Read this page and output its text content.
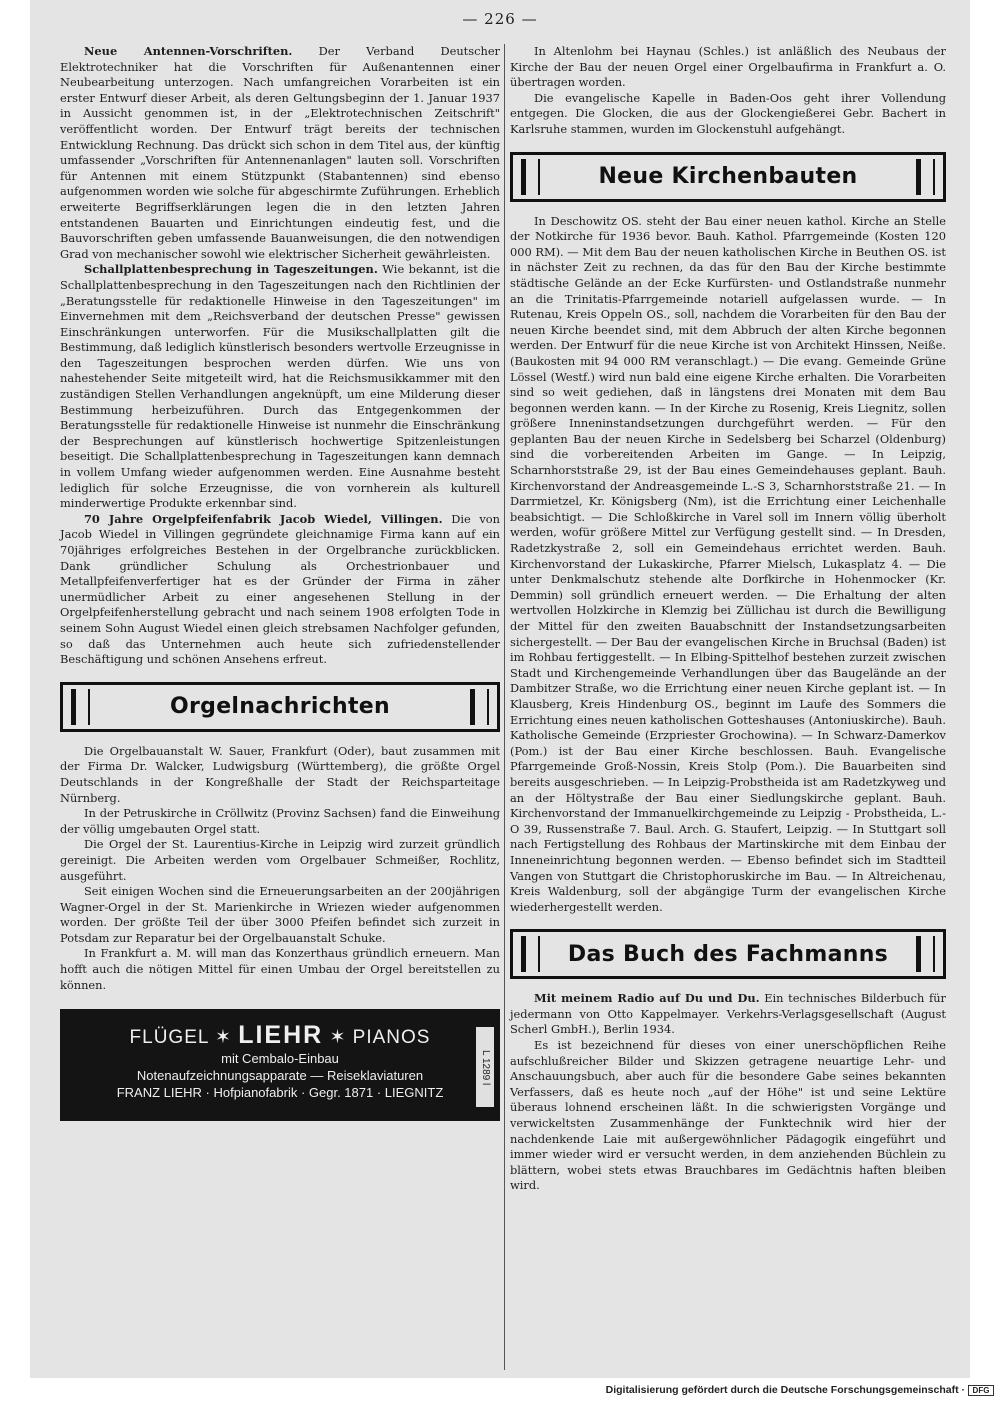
— 226 —

Neue Antennen-Vorschriften. Der Verband Deutscher Elektrotechniker hat die Vorschriften für Außenantennen einer Neubearbeitung unterzogen. Nach umfangreichen Vorarbeiten ist ein erster Entwurf dieser Arbeit, als deren Geltungsbeginn der 1. Januar 1937 in Aussicht genommen ist, in der „Elektrotechnischen Zeitschrift" veröffentlicht worden. Der Entwurf trägt bereits der technischen Entwicklung Rechnung. Das drückt sich schon in dem Titel aus, der künftig umfassender „Vorschriften für Antennenanlagen" lauten soll. Vorschriften für Antennen mit einem Stützpunkt (Stabantennen) sind ebenso aufgenommen worden wie solche für abgeschirmte Zuführungen. Erheblich erweiterte Begriffserklärungen legen die in den letzten Jahren entstandenen Bauarten und Einrichtungen eindeutig fest, und die Bauvorschriften geben umfassende Bauanweisungen, die den notwendigen Grad von mechanischer sowohl wie elektrischer Sicherheit gewährleisten.

Schallplattenbesprechung in Tageszeitungen. Wie bekannt, ist die Schallplattenbesprechung in den Tageszeitungen nach den Richtlinien der „Beratungsstelle für redaktionelle Hinweise in den Tageszeitungen" im Einvernehmen mit dem „Reichsverband der deutschen Presse" gewissen Einschränkungen unterworfen. Für die Musikschallplatten gilt die Bestimmung, daß lediglich künstlerisch besonders wertvolle Erzeugnisse in den Tageszeitungen besprochen werden dürfen. Wie uns von nahestehender Seite mitgeteilt wird, hat die Reichsmusikkammer mit den zuständigen Stellen Verhandlungen angeknüpft, um eine Milderung dieser Bestimmung herbeizuführen. Durch das Entgegenkommen der Beratungsstelle für redaktionelle Hinweise ist nunmehr die Einschränkung der Besprechungen auf künstlerisch hochwertige Spitzenleistungen beseitigt. Die Schallplattenbesprechung in Tageszeitungen kann demnach in vollem Umfang wieder aufgenommen werden. Eine Ausnahme besteht lediglich für solche Erzeugnisse, die von vornherein als kulturell minderwertige Produkte erkennbar sind.

70 Jahre Orgelpfeifenfabrik Jacob Wiedel, Villingen. Die von Jacob Wiedel in Villingen gegründete gleichnamige Firma kann auf ein 70jähriges erfolgreiches Bestehen in der Orgelbranche zurückblicken. Dank gründlicher Schulung als Orchestrionbauer und Metallpfeifenverfertiger hat es der Gründer der Firma in zäher unermüdlicher Arbeit zu einer angesehenen Stellung in der Orgelpfeifenherstellung gebracht und nach seinem 1908 erfolgten Tode in seinem Sohn August Wiedel einen gleich strebsamen Nachfolger gefunden, so daß das Unternehmen auch heute sich zufriedenstellender Beschäftigung und schönen Ansehens erfreut.

Orgelnachrichten

Die Orgelbauanstalt W. Sauer, Frankfurt (Oder), baut zusammen mit der Firma Dr. Walcker, Ludwigsburg (Württemberg), die größte Orgel Deutschlands in der Kongreßhalle der Stadt der Reichsparteitage Nürnberg.

In der Petruskirche in Cröllwitz (Provinz Sachsen) fand die Einweihung der völlig umgebauten Orgel statt.

Die Orgel der St. Laurentius-Kirche in Leipzig wird zurzeit gründlich gereinigt. Die Arbeiten werden vom Orgelbauer Schmeißer, Rochlitz, ausgeführt.

Seit einigen Wochen sind die Erneuerungsarbeiten an der 200jährigen Wagner-Orgel in der St. Marienkirche in Wriezen wieder aufgenommen worden. Der größte Teil der über 3000 Pfeifen befindet sich zurzeit in Potsdam zur Reparatur bei der Orgelbauanstalt Schuke.

In Frankfurt a. M. will man das Konzerthaus gründlich erneuern. Man hofft auch die nötigen Mittel für einen Umbau der Orgel bereitstellen zu können.

FLÜGEL ✶ LIEHR ✶ PIANOS
mit Cembalo-Einbau
Notenaufzeichnungsapparate — Reiseklaviaturen
FRANZ LIEHR · Hofpianofabrik · Gegr. 1871 · LIEGNITZ
L 1289 l

In Altenlohm bei Haynau (Schles.) ist anläßlich des Neubaus der Kirche der Bau der neuen Orgel einer Orgelbaufirma in Frankfurt a. O. übertragen worden.

Die evangelische Kapelle in Baden-Oos geht ihrer Vollendung entgegen. Die Glocken, die aus der Glockengießerei Gebr. Bachert in Karlsruhe stammen, wurden im Glockenstuhl aufgehängt.

Neue Kirchenbauten

In Deschowitz OS. steht der Bau einer neuen kathol. Kirche an Stelle der Notkirche für 1936 bevor. Bauh. Kathol. Pfarrgemeinde (Kosten 120 000 RM). — Mit dem Bau der neuen katholischen Kirche in Beuthen OS. ist in nächster Zeit zu rechnen, da das für den Bau der Kirche bestimmte städtische Gelände an der Ecke Kurfürsten- und Ostlandstraße nunmehr an die Trinitatis-Pfarrgemeinde notariell aufgelassen wurde. — In Rutenau, Kreis Oppeln OS., soll, nachdem die Vorarbeiten für den Bau der neuen Kirche beendet sind, mit dem Abbruch der alten Kirche begonnen werden. Der Entwurf für die neue Kirche ist von Architekt Hinssen, Neiße. (Baukosten mit 94 000 RM veranschlagt.) — Die evang. Gemeinde Grüne Lössel (Westf.) wird nun bald eine eigene Kirche erhalten. Die Vorarbeiten sind so weit gediehen, daß in längstens drei Monaten mit dem Bau begonnen werden kann. — In der Kirche zu Rosenig, Kreis Liegnitz, sollen größere Inneninstandsetzungen durchgeführt werden. — Für den geplanten Bau der neuen Kirche in Sedelsberg bei Scharzel (Oldenburg) sind die vorbereitenden Arbeiten im Gange. — In Leipzig, Scharnhorststraße 29, ist der Bau eines Gemeindehauses geplant. Bauh. Kirchenvorstand der Andreasgemeinde L.-S 3, Scharnhorststraße 21. — In Darrmietzel, Kr. Königsberg (Nm), ist die Errichtung einer Leichenhalle beabsichtigt. — Die Schloßkirche in Varel soll im Innern völlig überholt werden, wofür größere Mittel zur Verfügung gestellt sind. — In Dresden, Radetzkystraße 2, soll ein Gemeindehaus errichtet werden. Bauh. Kirchenvorstand der Lukaskirche, Pfarrer Mielsch, Lukasplatz 4. — Die unter Denkmalschutz stehende alte Dorfkirche in Hohenmocker (Kr. Demmin) soll gründlich erneuert werden. — Die Erhaltung der alten wertvollen Holzkirche in Klemzig bei Züllichau ist durch die Bewilligung der Mittel für den zweiten Bauabschnitt der Instandsetzungsarbeiten sichergestellt. — Der Bau der evangelischen Kirche in Bruchsal (Baden) ist im Rohbau fertiggestellt. — In Elbing-Spittelhof bestehen zurzeit zwischen Stadt und Kirchengemeinde Verhandlungen über das Baugelände an der Dambitzer Straße, wo die Errichtung einer neuen Kirche geplant ist. — In Klausberg, Kreis Hindenburg OS., beginnt im Laufe des Sommers die Errichtung eines neuen katholischen Gotteshauses (Antoniuskirche). Bauh. Katholische Gemeinde (Erzpriester Grochowina). — In Schwarz-Damerkov (Pom.) ist der Bau einer Kirche beschlossen. Bauh. Evangelische Pfarrgemeinde Groß-Nossin, Kreis Stolp (Pom.). Die Bauarbeiten sind bereits ausgeschrieben. — In Leipzig-Probstheida ist am Radetzkyweg und an der Höltystraße der Bau einer Siedlungskirche geplant. Bauh. Kirchenvorstand der Immanuelkirchgemeinde zu Leipzig - Probstheida, L.-O 39, Russenstraße 7. Baul. Arch. G. Staufert, Leipzig. — In Stuttgart soll nach Fertigstellung des Rohbaus der Martinskirche mit dem Einbau der Inneneinrichtung begonnen werden. — Ebenso befindet sich im Stadtteil Vangen von Stuttgart die Christophoruskirche im Bau. — In Altreichenau, Kreis Waldenburg, soll der abgängige Turm der evangelischen Kirche wiederhergestellt werden.

Das Buch des Fachmanns

Mit meinem Radio auf Du und Du. Ein technisches Bilderbuch für jedermann von Otto Kappelmayer. Verkehrs-Verlagsgesellschaft (August Scherl GmbH.), Berlin 1934.

Es ist bezeichnend für dieses von einer unerschöpflichen Reihe aufschlußreicher Bilder und Skizzen getragene neuartige Lehr- und Anschauungsbuch, aber auch für die besondere Gabe seines bekannten Verfassers, daß es heute noch „auf der Höhe" ist und seine Lektüre überaus lohnend erscheinen läßt. In die schwierigsten Vorgänge und verwickeltsten Zusammenhänge der Funktechnik wird hier der nachdenkende Laie mit außergewöhnlicher Pädagogik eingeführt und immer wieder wird er versucht werden, in dem anziehenden Büchlein zu blättern, wobei stets etwas Brauchbares im Gedächtnis haften bleiben wird.

Digitalisierung gefördert durch die Deutsche Forschungsgemeinschaft · DFG
